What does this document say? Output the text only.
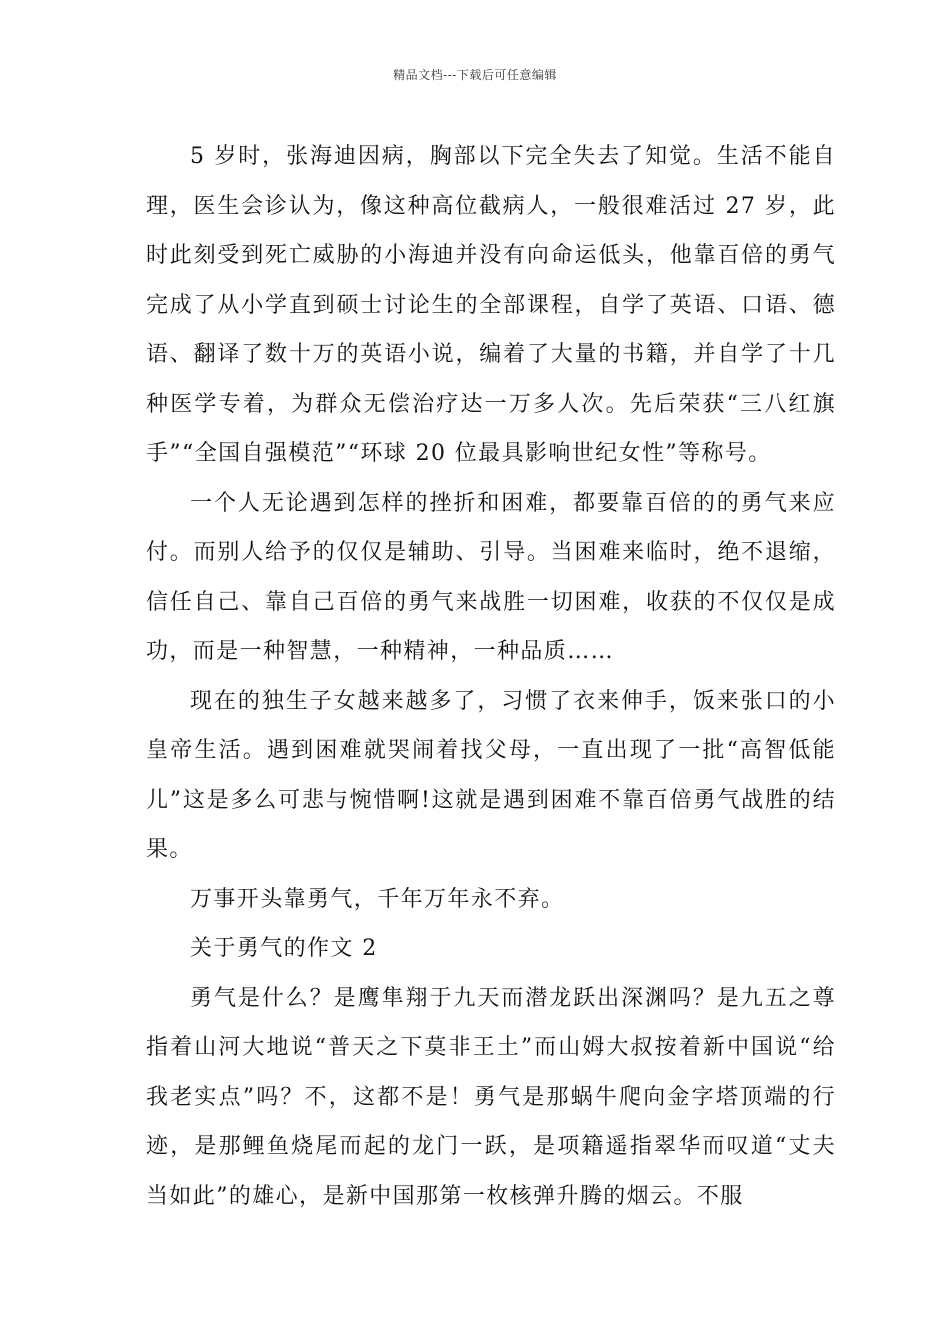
精品文档---下载后可任意编辑

5 岁时，张海迪因病，胸部以下完全失去了知觉。生活不能自理，医生会诊认为，像这种高位截病人，一般很难活过 27 岁，此时此刻受到死亡威胁的小海迪并没有向命运低头，他靠百倍的勇气完成了从小学直到硕士讨论生的全部课程，自学了英语、口语、德语、翻译了数十万的英语小说，编着了大量的书籍，并自学了十几种医学专着，为群众无偿治疗达一万多人次。先后荣获“三八红旗手”“全国自强模范”“环球 20 位最具影响世纪女性”等称号。

一个人无论遇到怎样的挫折和困难，都要靠百倍的的勇气来应付。而别人给予的仅仅是辅助、引导。当困难来临时，绝不退缩，信任自己、靠自己百倍的勇气来战胜一切困难，收获的不仅仅是成功，而是一种智慧，一种精神，一种品质……

现在的独生子女越来越多了，习惯了衣来伸手，饭来张口的小皇帝生活。遇到困难就哭闹着找父母，一直出现了一批“高智低能儿”这是多么可悲与惋惜啊!这就是遇到困难不靠百倍勇气战胜的结果。

万事开头靠勇气，千年万年永不弃。

关于勇气的作文 2

勇气是什么？是鹰隼翔于九天而潜龙跃出深渊吗？是九五之尊指着山河大地说“普天之下莫非王土”而山姆大叔按着新中国说“给我老实点”吗？不，这都不是！勇气是那蜗牛爬向金字塔顶端的行迹，是那鲤鱼烧尾而起的龙门一跃，是项籍遥指翠华而叹道“丈夫当如此”的雄心，是新中国那第一枚核弹升腾的烟云。不服
